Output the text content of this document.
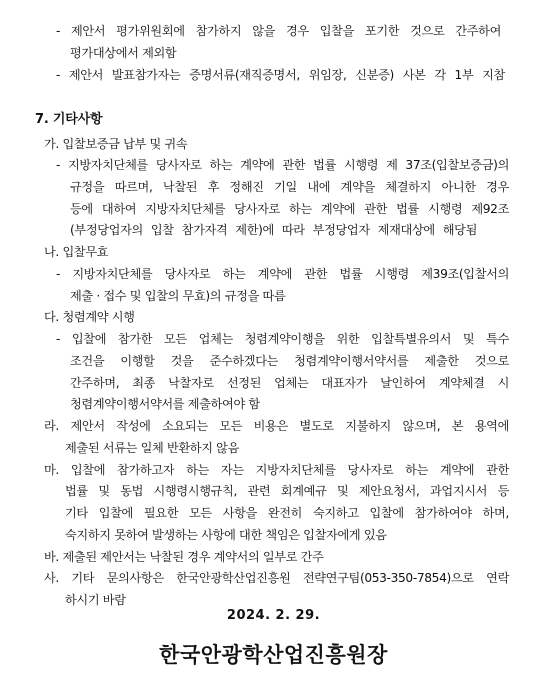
- 제안서 평가위원회에 참가하지 않을 경우 입찰을 포기한 것으로 간주하여
평가대상에서 제외함
- 제안서 발표참가자는 증명서류(재직증명서, 위임장, 신분증) 사본 각 1부 지참
7. 기타사항
가. 입찰보증금 납부 및 귀속
- 지방자치단체를 당사자로 하는 계약에 관한 법률 시행령 제 37조(입찰보증금)의
규정을 따르며, 낙찰된 후 정해진 기일 내에 계약을 체결하지 아니한 경우
등에 대하여 지방자치단체를 당사자로 하는 계약에 관한 법률 시행령 제92조
(부정당업자의 입찰 참가자격 제한)에 따라 부정당업자 제재대상에 해당됨
나. 입찰무효
- 지방자치단체를 당사자로 하는 계약에 관한 법률 시행령 제39조(입찰서의
제출 · 접수 및 입찰의 무효)의 규정을 따름
다. 청렴계약 시행
- 입찰에 참가한 모든 업체는 청렴계약이행을 위한 입찰특별유의서 및 특수
조건을 이행할 것을 준수하겠다는 청렴계약이행서약서를 제출한 것으로
간주하며, 최종 낙찰자로 선정된 업체는 대표자가 날인하여 계약체결 시
청렴계약이행서약서를 제출하여야 함
라. 제안서 작성에 소요되는 모든 비용은 별도로 지불하지 않으며, 본 용역에
제출된 서류는 일체 반환하지 않음
마. 입찰에 참가하고자 하는 자는 지방자치단체를 당사자로 하는 계약에 관한
법률 및 동법 시행령시행규칙, 관련 회계예규 및 제안요청서, 과업지시서 등
기타 입찰에 필요한 모든 사항을 완전히 숙지하고 입찰에 참가하여야 하며,
숙지하지 못하여 발생하는 사항에 대한 책임은 입찰자에게 있음
바. 제출된 제안서는 낙찰된 경우 계약서의 일부로 간주
사. 기타 문의사항은 한국안광학산업진흥원 전략연구팀(053-350-7854)으로 연락
하시기 바람
2024. 2. 29.
한국안광학산업진흥원장
